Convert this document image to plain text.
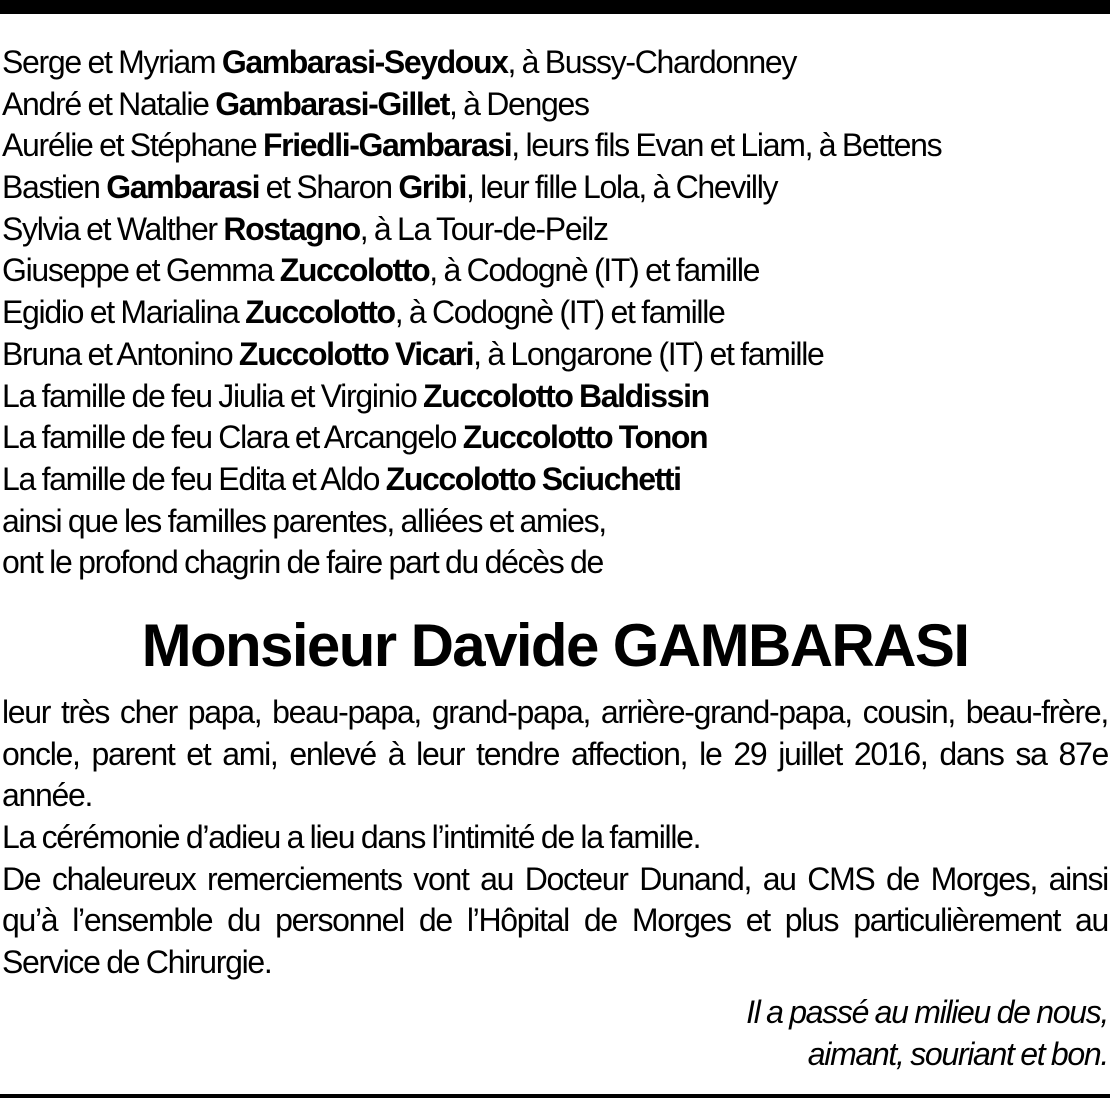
Serge et Myriam Gambarasi-Seydoux, à Bussy-Chardonney
André et Natalie Gambarasi-Gillet, à Denges
Aurélie et Stéphane Friedli-Gambarasi, leurs fils Evan et Liam, à Bettens
Bastien Gambarasi et Sharon Gribi, leur fille Lola, à Chevilly
Sylvia et Walther Rostagno, à La Tour-de-Peilz
Giuseppe et Gemma Zuccolotto, à Codognè (IT) et famille
Egidio et Marialina Zuccolotto, à Codognè (IT) et famille
Bruna et Antonino Zuccolotto Vicari, à Longarone (IT) et famille
La famille de feu Jiulia et Virginio Zuccolotto Baldissin
La famille de feu Clara et Arcangelo Zuccolotto Tonon
La famille de feu Edita et Aldo Zuccolotto Sciuchetti
ainsi que les familles parentes, alliées et amies,
ont le profond chagrin de faire part du décès de
Monsieur Davide GAMBARASI
leur très cher papa, beau-papa, grand-papa, arrière-grand-papa, cousin, beau-frère, oncle, parent et ami, enlevé à leur tendre affection, le 29 juillet 2016, dans sa 87e année.
La cérémonie d’adieu a lieu dans l’intimité de la famille.
De chaleureux remerciements vont au Docteur Dunand, au CMS de Morges, ainsi qu’à l’ensemble du personnel de l’Hôpital de Morges et plus particulièrement au Service de Chirurgie.
Il a passé au milieu de nous,
aimant, souriant et bon.
